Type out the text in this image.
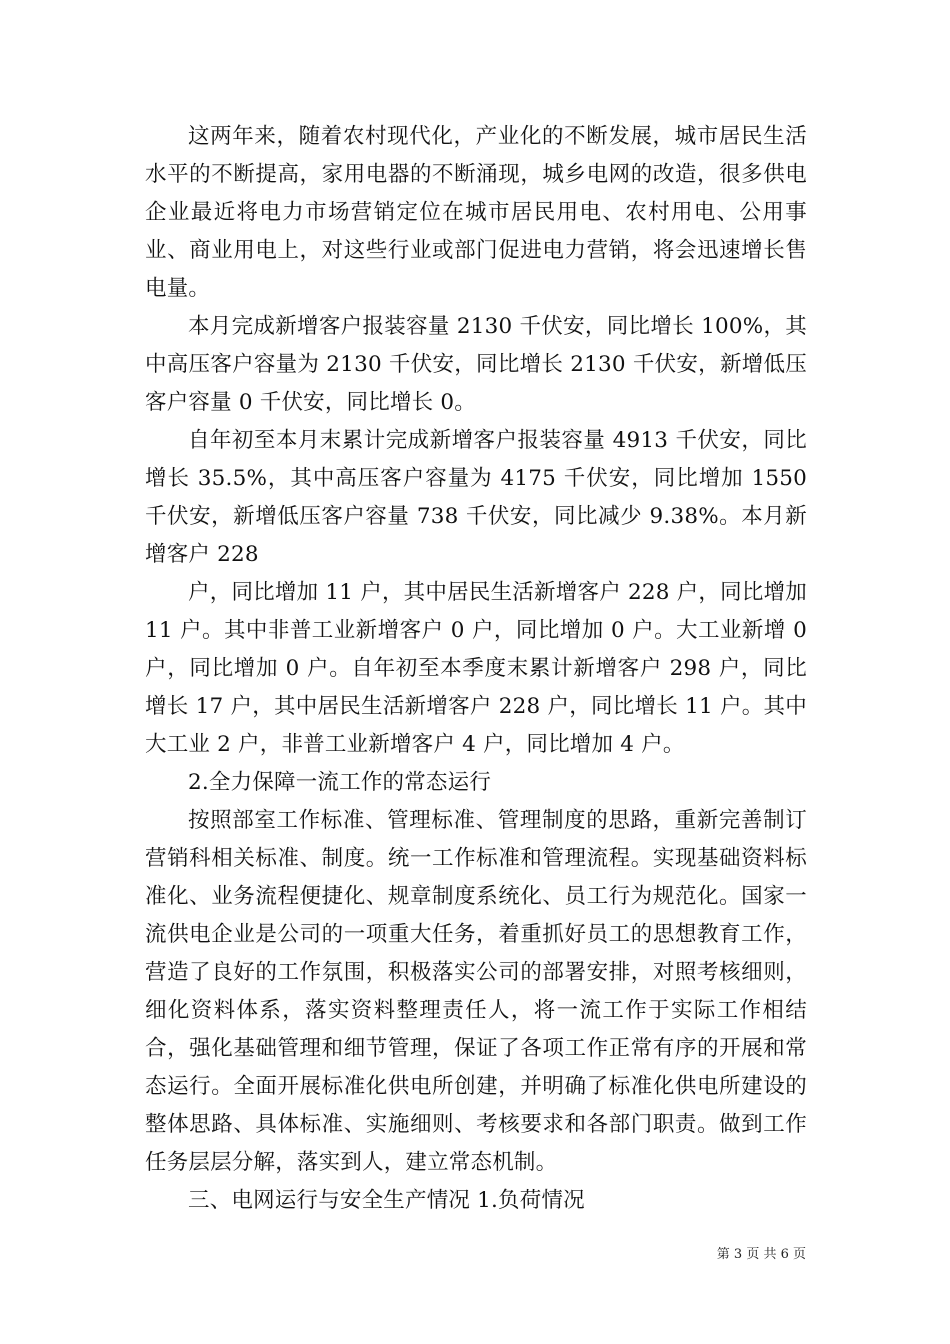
这两年来，随着农村现代化，产业化的不断发展，城市居民生活水平的不断提高，家用电器的不断涌现，城乡电网的改造，很多供电企业最近将电力市场营销定位在城市居民用电、农村用电、公用事业、商业用电上，对这些行业或部门促进电力营销，将会迅速增长售电量。

本月完成新增客户报装容量 2130 千伏安，同比增长 100%，其中高压客户容量为 2130 千伏安，同比增长 2130 千伏安，新增低压客户容量 0 千伏安，同比增长 0。

自年初至本月末累计完成新增客户报装容量 4913 千伏安，同比增长 35.5%，其中高压客户容量为 4175 千伏安，同比增加 1550 千伏安，新增低压客户容量 738 千伏安，同比减少 9.38%。本月新增客户 228

户，同比增加 11 户，其中居民生活新增客户 228 户，同比增加 11 户。其中非普工业新增客户 0 户，同比增加 0 户。大工业新增 0 户，同比增加 0 户。自年初至本季度末累计新增客户 298 户，同比增长 17 户，其中居民生活新增客户 228 户，同比增长 11 户。其中大工业 2 户，非普工业新增客户 4 户，同比增加 4 户。

2.全力保障一流工作的常态运行

按照部室工作标准、管理标准、管理制度的思路，重新完善制订营销科相关标准、制度。统一工作标准和管理流程。实现基础资料标准化、业务流程便捷化、规章制度系统化、员工行为规范化。国家一流供电企业是公司的一项重大任务，着重抓好员工的思想教育工作，营造了良好的工作氛围，积极落实公司的部署安排，对照考核细则，细化资料体系，落实资料整理责任人，将一流工作于实际工作相结合，强化基础管理和细节管理，保证了各项工作正常有序的开展和常态运行。全面开展标准化供电所创建，并明确了标准化供电所建设的整体思路、具体标准、实施细则、考核要求和各部门职责。做到工作任务层层分解，落实到人，建立常态机制。

三、电网运行与安全生产情况 1.负荷情况

第 3 页 共 6 页
